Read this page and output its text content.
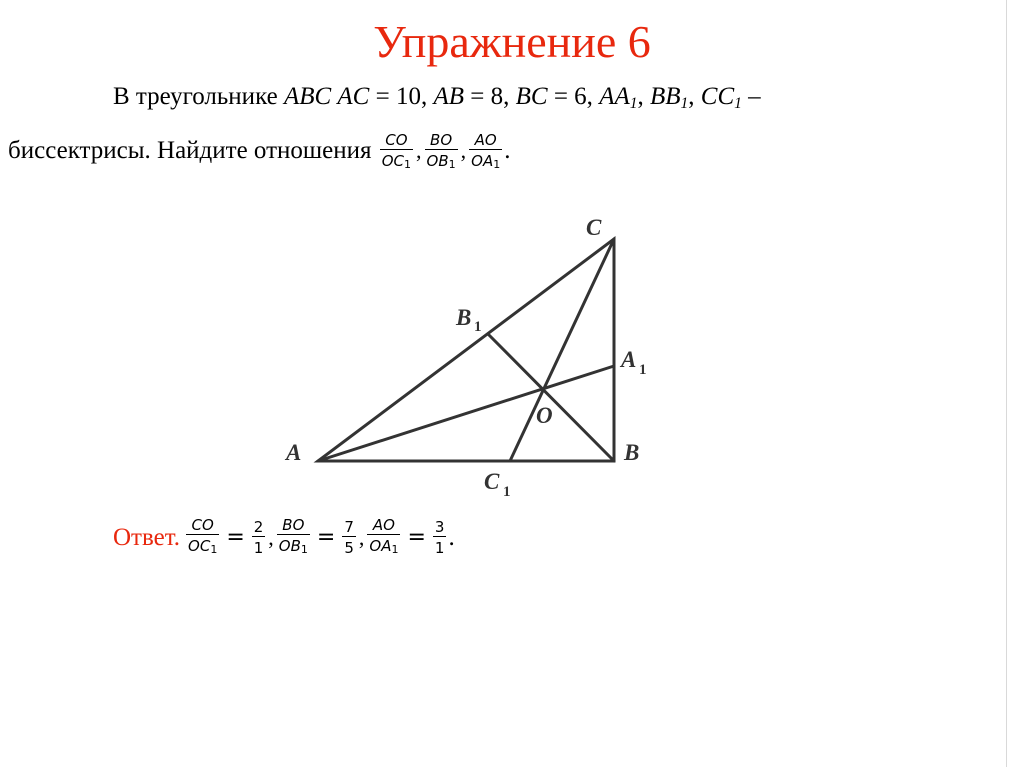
Упражнение 6
В треугольнике ABC AC = 10, AB = 8, BC = 6, $AA_1$, $BB_1$, $CC_1$ –
биссектрисы. Найдите отношения $\frac{CO}{OC1}$ , $\frac{BO}{OB1}$ , $\frac{AO}{OA1}$ .
C
A	B
O
B 1
A 1
C 1
Ответ. $\frac{CO}{OC1} = \frac{2}{1}$ , $\frac{BO}{OB1} = \frac{7}{5}$ , $\frac{AO}{OA1} = \frac{3}{1}$ .
